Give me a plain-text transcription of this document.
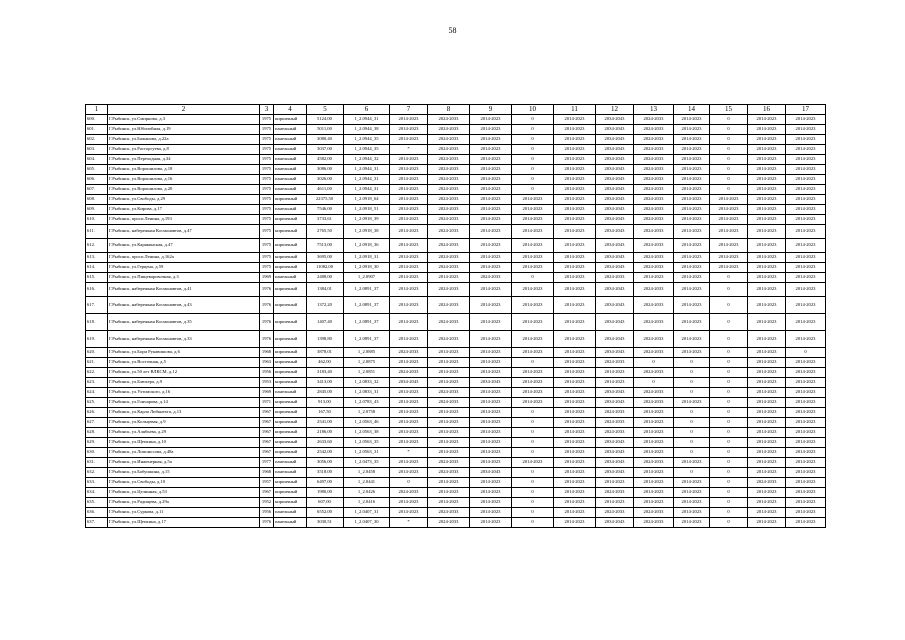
58
1	2	3	4	5	6	7	8	9	10	11	12	13	14	15	16	17
600.	Г.Рыбинск, ул.Смирнова, д.3	1975	кирпичный	5124,00	1_2.0944_31	2014-2023	2024-2033	2014-2023	0	2014-2023	2034-2043	2024-2033	2014-2023	0	2014-2023	2014-2023
601.	Г.Рыбинск, ул.Юбилейная, д.19	1975	панельный	5011,00	1_2.0944_38	2014-2023	2024-2033	2014-2023	0	2014-2023	2034-2043	2024-2033	2014-2023	0	2014-2023	2014-2023
602.	Г.Рыбинск, ул.Бажанова, д.22а	1975	панельный	3080,40	1_2.0944_35	2014-2023	2024-2033	2014-2023	0	2014-2023	2034-2043	2024-2033	2014-2023	0	2014-2023	2014-2023
603.	Г.Рыбинск, ул.Расторгуева, д.8	1975	панельный	3037,00	1_2.0944_35	*	2024-2033	2014-2023	0	2014-2023	2034-2043	2024-2033	2014-2023	0	2014-2023	2014-2023
604.	Г.Рыбинск, ул.Переходная, д.34	1975	панельный	4582,00	1_2.0944_32	2014-2023	2024-2033	2014-2023	0	2014-2023	2034-2043	2024-2033	2014-2023	0	2014-2023	2014-2023
605.	Г.Рыбинск, ул.Ворошилова, д.18	1975	панельный	3086,00	1_2.0944_31	2014-2023	2024-2033	2014-2023	0	2014-2023	2034-2043	2024-2033	2014-2023	0	2014-2023	2014-2023
606.	Г.Рыбинск, ул.Ворошилова, д.16	1975	панельный	3026,00	1_2.0944_31	2014-2023	2024-2033	2014-2023	0	2014-2023	2034-2043	2024-2033	2014-2023	0	2014-2023	2014-2023
607.	Г.Рыбинск, ул.Ворошилова, д.20	1975	панельный	4611,00	1_2.0944_31	2014-2023	2024-2033	2014-2023	0	2014-2023	2034-2043	2024-2033	2014-2023	0	2014-2023	2014-2023
608.	Г.Рыбинск, ул.Свободы, д.29	1975	кирпичный	22375,50	1_2.0918_64	2014-2023	2024-2033	2014-2023	2014-2023	2014-2023	2034-2043	2024-2033	2014-2023	2014-2023	2014-2023	2014-2023
609.	Г.Рыбинск, ул.Кирова, д.17	1975	панельный	7546,00	1_2.0918_51	2014-2023	2024-2033	2014-2023	2014-2023	2014-2023	2034-2043	2024-2033	2014-2023	2014-2023	2014-2023	2014-2023
610.	Г.Рыбинск, просп.Ленина, д.193	1975	кирпичный	3733,61	1_2.0918_39	2014-2023	2024-2033	2014-2023	2014-2023	2014-2023	2034-2043	2024-2033	2014-2023	2014-2023	2014-2023	2014-2023
611.	Г.Рыбинск, набережная Космонавтов, д.47	1975	кирпичный	2765,50	1_2.0918_38	2014-2023	2024-2033	2014-2023	2014-2023	2014-2023	2034-2043	2024-2033	2014-2023	2014-2023	2014-2023	2014-2023
612.	Г.Рыбинск, ул.Карякинская, д.47	1975	кирпичный	7513,00	1_2.0918_36	2014-2023	2024-2033	2014-2023	2014-2023	2014-2023	2034-2043	2024-2033	2014-2023	2014-2023	2014-2023	2014-2023
613.	Г.Рыбинск, просп.Ленина, д.162а	1975	кирпичный	3695,00	1_2.0918_31	2014-2023	2024-2033	2014-2023	2014-2023	2014-2023	2034-2043	2024-2033	2014-2023	2014-2023	2014-2023	2014-2023
614.	Г.Рыбинск, ул.Герцена, д.59	1975	кирпичный	11082,00	1_2.0918_30	2014-2023	2024-2033	2014-2023	2014-2023	2014-2023	2034-2043	2024-2033	2014-2023	2014-2023	2014-2023	2014-2023
615.	Г.Рыбинск, ул.Пищеваровочная, д.3	1969	панельный	2488,00	1_2.0907	2014-2023	2014-2023	2024-2033	0	2014-2023	2024-2033	2014-2023	2014-2023	0	2014-2023	2014-2023
616.	Г.Рыбинск, набережная Космонавтов, д.41	1976	кирпичный	1384,01	1_2.0891_37	2014-2023	2024-2033	2014-2023	2014-2023	2014-2023	2034-2043	2024-2033	2014-2023	0	2014-2023	2014-2023
617.	Г.Рыбинск, набережная Космонавтов, д.43	1976	кирпичный	1372,20	1_2.0891_37	2014-2023	2024-2033	2014-2023	2014-2023	2014-2023	2034-2043	2024-2033	2014-2023	0	2014-2023	2014-2023
618.	Г.Рыбинск, набережная Космонавтов, д.35	1976	кирпичный	1407,40	1_2.0891_37	2014-2023	2024-2033	2014-2023	2014-2023	2014-2023	2034-2043	2024-2033	2014-2023	0	2014-2023	2014-2023
619.	Г.Рыбинск, набережная Космонавтов, д.33	1976	кирпичный	1398,80	1_2.0891_37	2014-2023	2024-2033	2014-2023	2014-2023	2014-2023	2034-2043	2024-2033	2014-2023	0	2014-2023	2014-2023
620.	Г.Рыбинск, ул.Бори Рукавишова, д.6	1968	кирпичный	3878,01	1_2.0885	2024-2033	2014-2023	2014-2023	2014-2023	2014-2023	2034-2043	2024-2033	2014-2023	0	2014-2023	0
621.	Г.Рыбинск, ул.Восточная, д.5	1963	кирпичный	462,00	1_2.0875	2014-2023	2014-2023	2014-2023	0	2014-2023	2024-2033	0	0	0	2014-2023	2014-2023
622.	Г.Рыбинск, ул.50 лет ВЛКСМ, д.12	1956	кирпичный	3183,40	1_2.0851	2024-2033	2014-2023	2014-2023	2014-2023	2014-2023	2014-2023	2024-2033	0	0	2014-2023	2014-2023
623.	Г.Рыбинск, ул.Блюхера, д.9	1953	кирпичный	3413,00	1_2.0833_32	2034-2043	2014-2023	2034-2043	2014-2023	2014-2023	2014-2023	0	0	0	2014-2023	2014-2023
624.	Г.Рыбинск, ул.Ухтомского, д.16	1969	панельный	2845,00	1_2.0833_31	2014-2023	2024-2033	2014-2023	2014-2023	2014-2023	2034-2043	2024-2033	0	0	2014-2023	2014-2023
625.	Г.Рыбинск, ул.Гончарова, д.14	1971	кирпичный	913,00	1_2.0783_43	2014-2023	2024-2033	2014-2023	2014-2023	2014-2023	2034-2043	2024-2033	2014-2023	0	2014-2023	2014-2023
626.	Г.Рыбинск, ул.Карла Либкнехта, д.13	1967	кирпичный	167,50	1_2.0758	2014-2023	2014-2023	2014-2023	0	2014-2023	2024-2033	2014-2023	0	0	2014-2023	2014-2023
627.	Г.Рыбинск, ул.Кольцевая, д.9	1967	кирпичный	2541,00	1_2.0563_46	2014-2023	2014-2023	2014-2023	0	2014-2023	2024-2033	2014-2023	0	0	2014-2023	2014-2023
628.	Г.Рыбинск, ул.Алябьева, д.29	1967	кирпичный	2186,00	1_2.0563_38	2014-2023	2014-2023	2014-2023	0	2014-2023	2024-2033	2014-2023	0	0	2014-2023	2014-2023
629.	Г.Рыбинск, ул.Щепкина, д.10	1967	кирпичный	2633,60	1_2.0563_35	2014-2023	2014-2023	2014-2023	0	2014-2023	2034-2043	2014-2023	0	0	2014-2023	2014-2023
630.	Г.Рыбинск, ул.Ломоносова, д.48а	1967	кирпичный	2542,00	1_2.0563_31	*	2014-2023	2014-2023	0	2014-2023	2034-2043	2014-2023	0	0	2014-2023	2014-2023
631.	Г.Рыбинск, ул.Инженерная, д.5а	1977	панельный	3056,00	1_2.0473_35	2014-2023	2024-2033	2014-2023	2014-2023	2014-2023	2034-2043	2024-2033	2014-2023	0	2014-2023	2014-2023
632.	Г.Рыбинск, ул.Бабушкина, д.15	1968	панельный	3518,00	1_2.0458	2014-2023	2024-2033	2034-2043	0	2014-2023	2034-2043	2014-2023	0	0	2014-2023	2014-2023
633.	Г.Рыбинск, ул.Свободы, д.10	1957	кирпичный	6497,00	1_2.0441	0	2014-2023	2014-2023	0	2014-2023	2014-2023	2014-2023	2014-2023	0	2024-2033	2014-2023
634.	Г.Рыбинск, ул.Целинная, д.53	1967	кирпичный	1980,00	1_2.0426	2024-2033	2014-2023	2014-2023	0	2014-2023	2024-2033	2014-2023	2014-2023	0	2014-2023	2014-2023
635.	Г.Рыбинск, ул.Радищева, д.29а	1952	кирпичный	607,00	1_2.0416	2014-2023	2014-2023	2014-2023	0	2014-2023	2014-2023	2014-2023	2014-2023	0	2014-2023	2014-2023
636.	Г.Рыбинск, ул.Суркова, д.11	1956	панельный	6552,00	1_2.0407_31	2014-2023	2024-2033	2014-2023	0	2014-2023	2024-2033	2024-2033	2014-2023	0	2014-2023	2014-2023
637.	Г.Рыбинск, ул.Щепкина, д.17	1976	панельный	3030,51	1_2.0407_30	*	2024-2033	2014-2023	0	2014-2023	2034-2043	2024-2033	2014-2023	0	2014-2023	2014-2023
